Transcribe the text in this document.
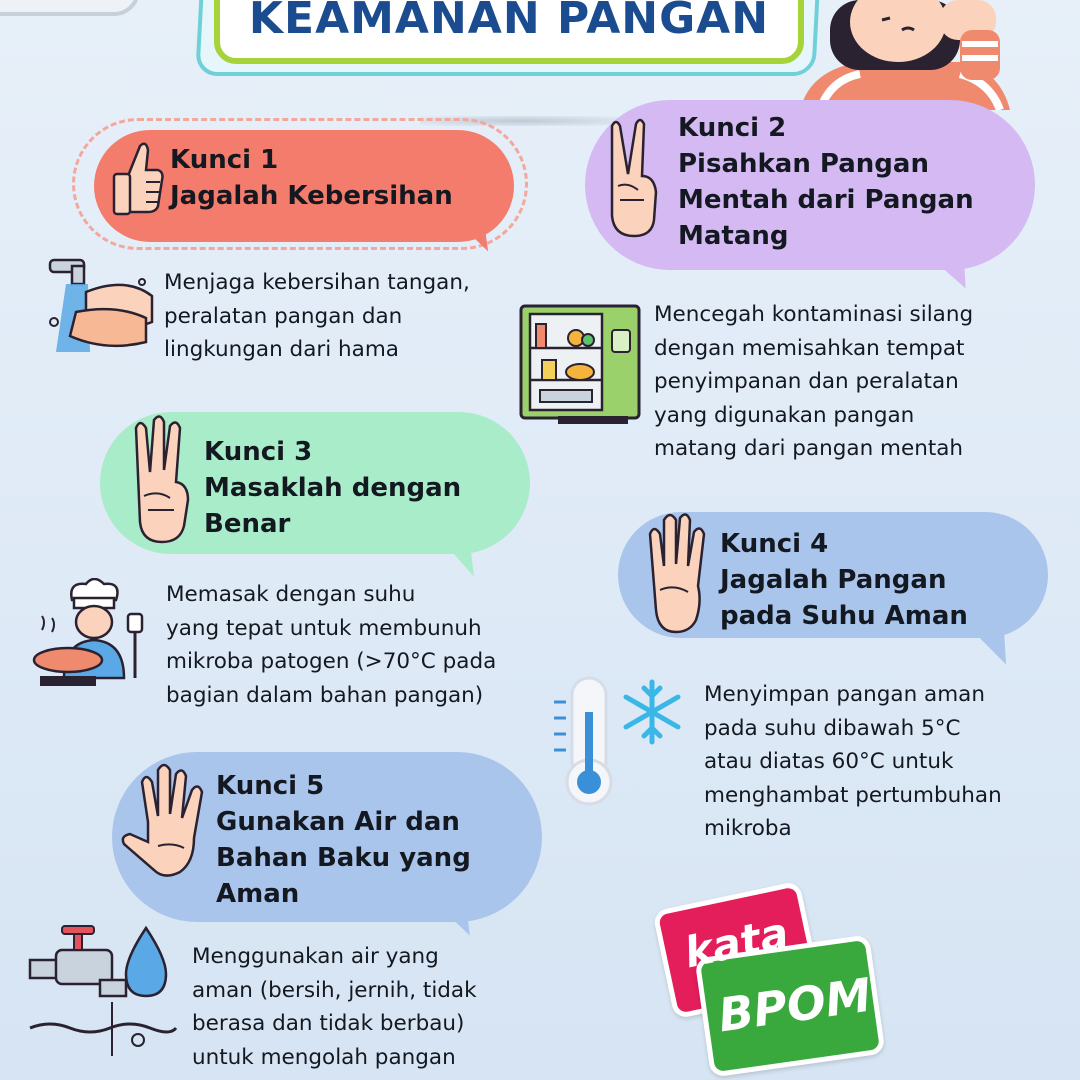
KEAMANAN PANGAN
Kunci 1
Jagalah Kebersihan
Menjaga kebersihan tangan,
peralatan pangan dan
lingkungan dari hama
Kunci 2
Pisahkan Pangan
Mentah dari Pangan
Matang
Mencegah kontaminasi silang
dengan memisahkan tempat
penyimpanan dan peralatan
yang digunakan pangan
matang dari pangan mentah
Kunci 3
Masaklah dengan
Benar
Memasak dengan suhu
yang tepat untuk membunuh
mikroba patogen (>70°C pada
bagian dalam bahan pangan)
Kunci 4
Jagalah Pangan
pada Suhu Aman
Menyimpan pangan aman
pada suhu dibawah 5°C
atau diatas 60°C untuk
menghambat pertumbuhan
mikroba
Kunci 5
Gunakan Air dan
Bahan Baku yang
Aman
Menggunakan air yang
aman (bersih, jernih, tidak
berasa dan tidak berbau)
untuk mengolah pangan
kata
BPOM
